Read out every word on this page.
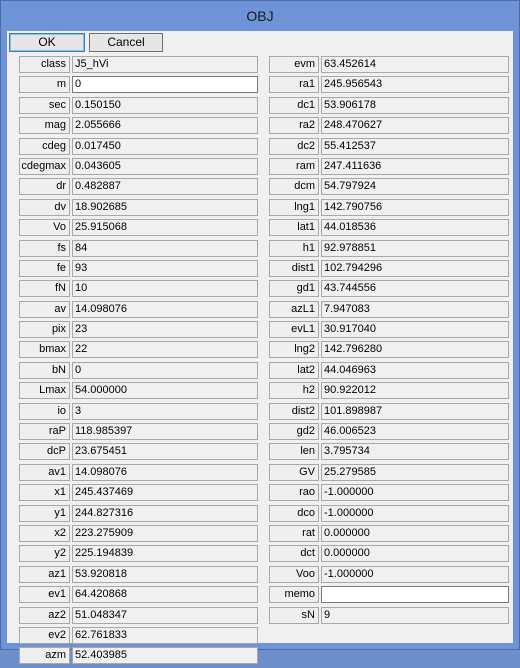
OBJ
OK	Cancel
class J5_hVi
m 0
sec 0.150150
mag 2.055666
cdeg 0.017450
cdegmax 0.043605
dr 0.482887
dv 18.902685
Vo 25.915068
fs 84
fe 93
fN 10
av 14.098076
pix 23
bmax 22
bN 0
Lmax 54.000000
io 3
raP 118.985397
dcP 23.675451
av1 14.098076
x1 245.437469
y1 244.827316
x2 223.275909
y2 225.194839
az1 53.920818
ev1 64.420868
az2 51.048347
ev2 62.761833
azm 52.403985
evm 63.452614
ra1 245.956543
dc1 53.906178
ra2 248.470627
dc2 55.412537
ram 247.411636
dcm 54.797924
lng1 142.790756
lat1 44.018536
h1 92.978851
dist1 102.794296
gd1 43.744556
azL1 7.947083
evL1 30.917040
lng2 142.796280
lat2 44.046963
h2 90.922012
dist2 101.898987
gd2 46.006523
len 3.795734
GV 25.279585
rao -1.000000
dco -1.000000
rat 0.000000
dct 0.000000
Voo -1.000000
memo
sN 9
